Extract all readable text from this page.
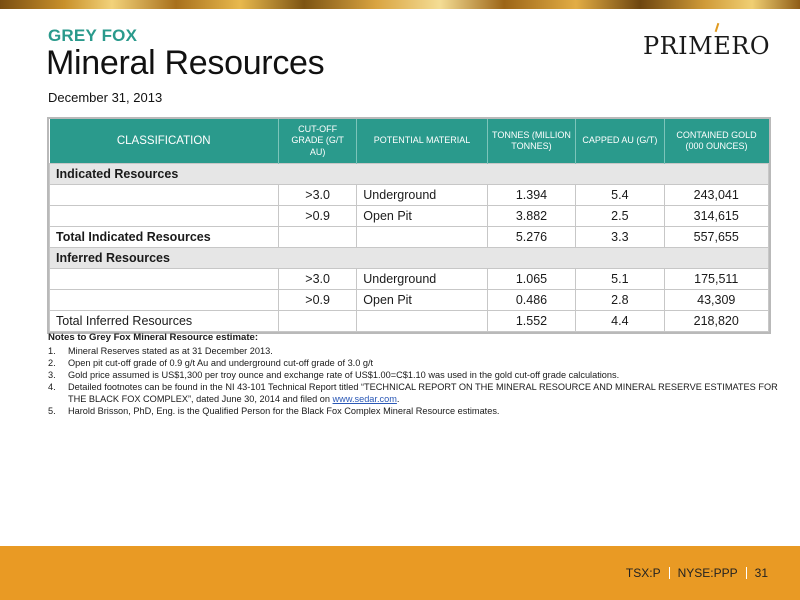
GREY FOX
Mineral Resources
December 31, 2013
PRIMERO
CLASSIFICATION	CUT-OFF GRADE (G/T AU)	POTENTIAL MATERIAL	TONNES (MILLION TONNES)	CAPPED AU (G/T)	CONTAINED GOLD (000 OUNCES)
Indicated Resources					
	>3.0	Underground	1.394	5.4	243,041
	>0.9	Open Pit	3.882	2.5	314,615
Total Indicated Resources			5.276	3.3	557,655
Inferred Resources					
	>3.0	Underground	1.065	5.1	175,511
	>0.9	Open Pit	0.486	2.8	43,309
Total Inferred Resources			1.552	4.4	218,820
Notes to Grey Fox Mineral Resource estimate:
1.	Mineral Reserves stated as at 31 December 2013.
2.	Open pit cut-off grade of 0.9 g/t Au and underground cut-off grade of 3.0 g/t
3.	Gold price assumed is US$1,300 per troy ounce and exchange rate of US$1.00=C$1.10 was used in the gold cut-off grade calculations.
4.	Detailed footnotes can be found in the NI 43-101 Technical Report titled “TECHNICAL REPORT ON THE MINERAL RESOURCE AND MINERAL RESERVE ESTIMATES FOR THE BLACK FOX COMPLEX”, dated June 30, 2014 and filed on www.sedar.com.
5.	Harold Brisson, PhD, Eng. is the Qualified Person for the Black Fox Complex Mineral Resource estimates.
TSX:P NYSE:PPP 31
